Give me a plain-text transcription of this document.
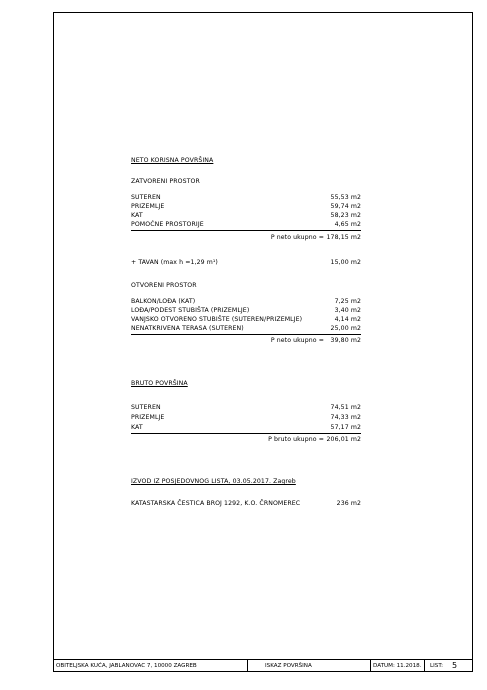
NETO KORISNA POVRŠINA
ZATVORENI PROSTOR
SUTEREN	55,53 m2
PRIZEMLJE	59,74 m2
KAT	58,23 m2
POMOĆNE PROSTORIJE	4,65 m2
P neto ukupno = 178,15 m2
+ TAVAN (max h =1,29 m¹)	15,00 m2
OTVORENI PROSTOR
BALKON/LOĐA (KAT)	7,25 m2
LOĐA/PODEST STUBIŠTA (PRIZEMLJE)	3,40 m2
VANJSKO OTVORENO STUBIŠTE (SUTEREN/PRIZEMLJE)	4,14 m2
NENATKRIVENA TERASA (SUTEREN)	25,00 m2
P neto ukupno = 39,80 m2
BRUTO POVRŠINA
SUTEREN	74,51 m2
PRIZEMLJE	74,33 m2
KAT	57,17 m2
P bruto ukupno = 206,01 m2
IZVOD IZ POSJEDOVNOG LISTA, 03.05.2017. Zagreb
KATASTARSKA ČESTICA BROJ 1292, K.O. ČRNOMEREC	236 m2
OBITELJSKA KUĆA, JABLANOVAC 7, 10000 ZAGREB	ISKAZ POVRŠINA	DATUM: 11.2018. LIST: 5
